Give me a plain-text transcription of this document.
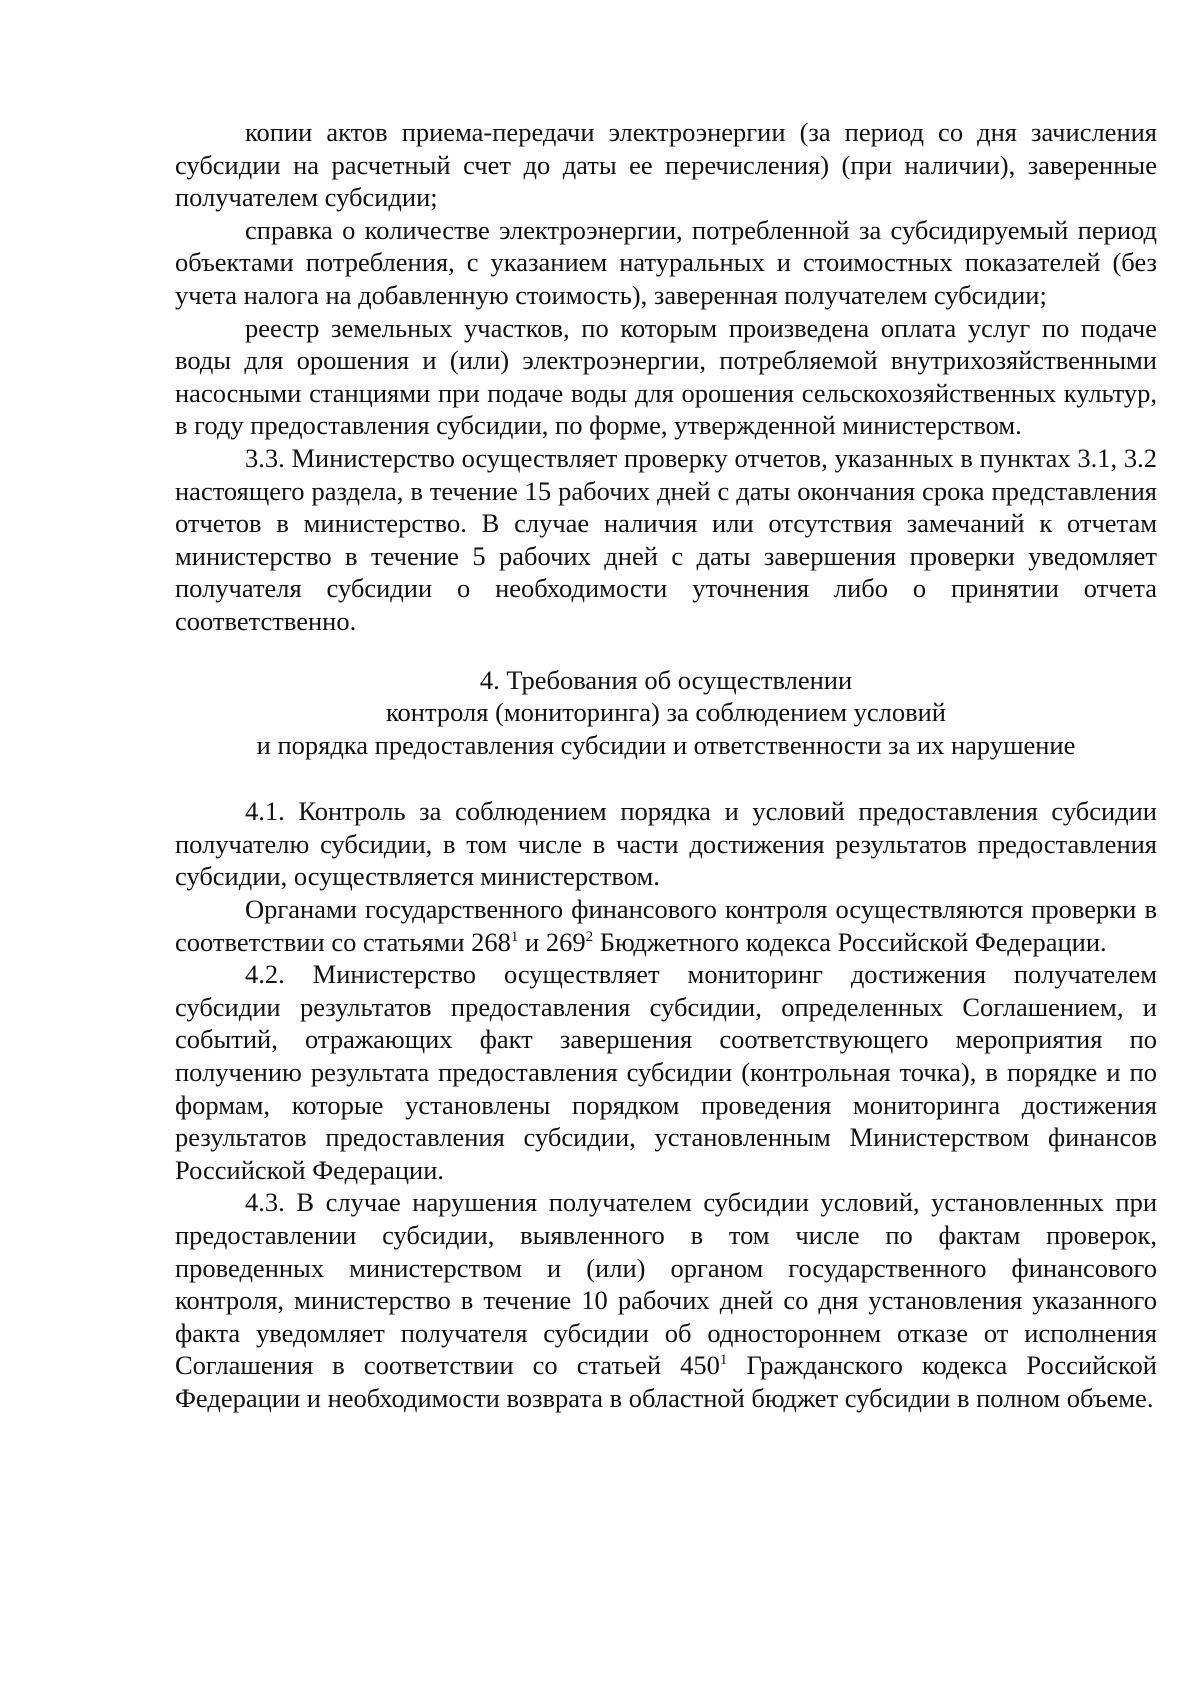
копии актов приема-передачи электроэнергии (за период со дня зачисления субсидии на расчетный счет до даты ее перечисления) (при наличии), заверенные получателем субсидии;

справка о количестве электроэнергии, потребленной за субсидируемый период объектами потребления, с указанием натуральных и стоимостных показателей (без учета налога на добавленную стоимость), заверенная получателем субсидии;

реестр земельных участков, по которым произведена оплата услуг по подаче воды для орошения и (или) электроэнергии, потребляемой внутрихозяйственными насосными станциями при подаче воды для орошения сельскохозяйственных культур, в году предоставления субсидии, по форме, утвержденной министерством.

3.3. Министерство осуществляет проверку отчетов, указанных в пунктах 3.1, 3.2 настоящего раздела, в течение 15 рабочих дней с даты окончания срока представления отчетов в министерство. В случае наличия или отсутствия замечаний к отчетам министерство в течение 5 рабочих дней с даты завершения проверки уведомляет получателя субсидии о необходимости уточнения либо о принятии отчета соответственно.

4. Требования об осуществлении
контроля (мониторинга) за соблюдением условий
и порядка предоставления субсидии и ответственности за их нарушение

4.1. Контроль за соблюдением порядка и условий предоставления субсидии получателю субсидии, в том числе в части достижения результатов предоставления субсидии, осуществляется министерством.

Органами государственного финансового контроля осуществляются проверки в соответствии со статьями $268^1$ и $269^2$ Бюджетного кодекса Российской Федерации.

4.2. Министерство осуществляет мониторинг достижения получателем субсидии результатов предоставления субсидии, определенных Соглашением, и событий, отражающих факт завершения соответствующего мероприятия по получению результата предоставления субсидии (контрольная точка), в порядке и по формам, которые установлены порядком проведения мониторинга достижения результатов предоставления субсидии, установленным Министерством финансов Российской Федерации.

4.3. В случае нарушения получателем субсидии условий, установленных при предоставлении субсидии, выявленного в том числе по фактам проверок, проведенных министерством и (или) органом государственного финансового контроля, министерство в течение 10 рабочих дней со дня установления указанного факта уведомляет получателя субсидии об одностороннем отказе от исполнения Соглашения в соответствии со статьей $450^1$ Гражданского кодекса Российской Федерации и необходимости возврата в областной бюджет субсидии в полном объеме.
